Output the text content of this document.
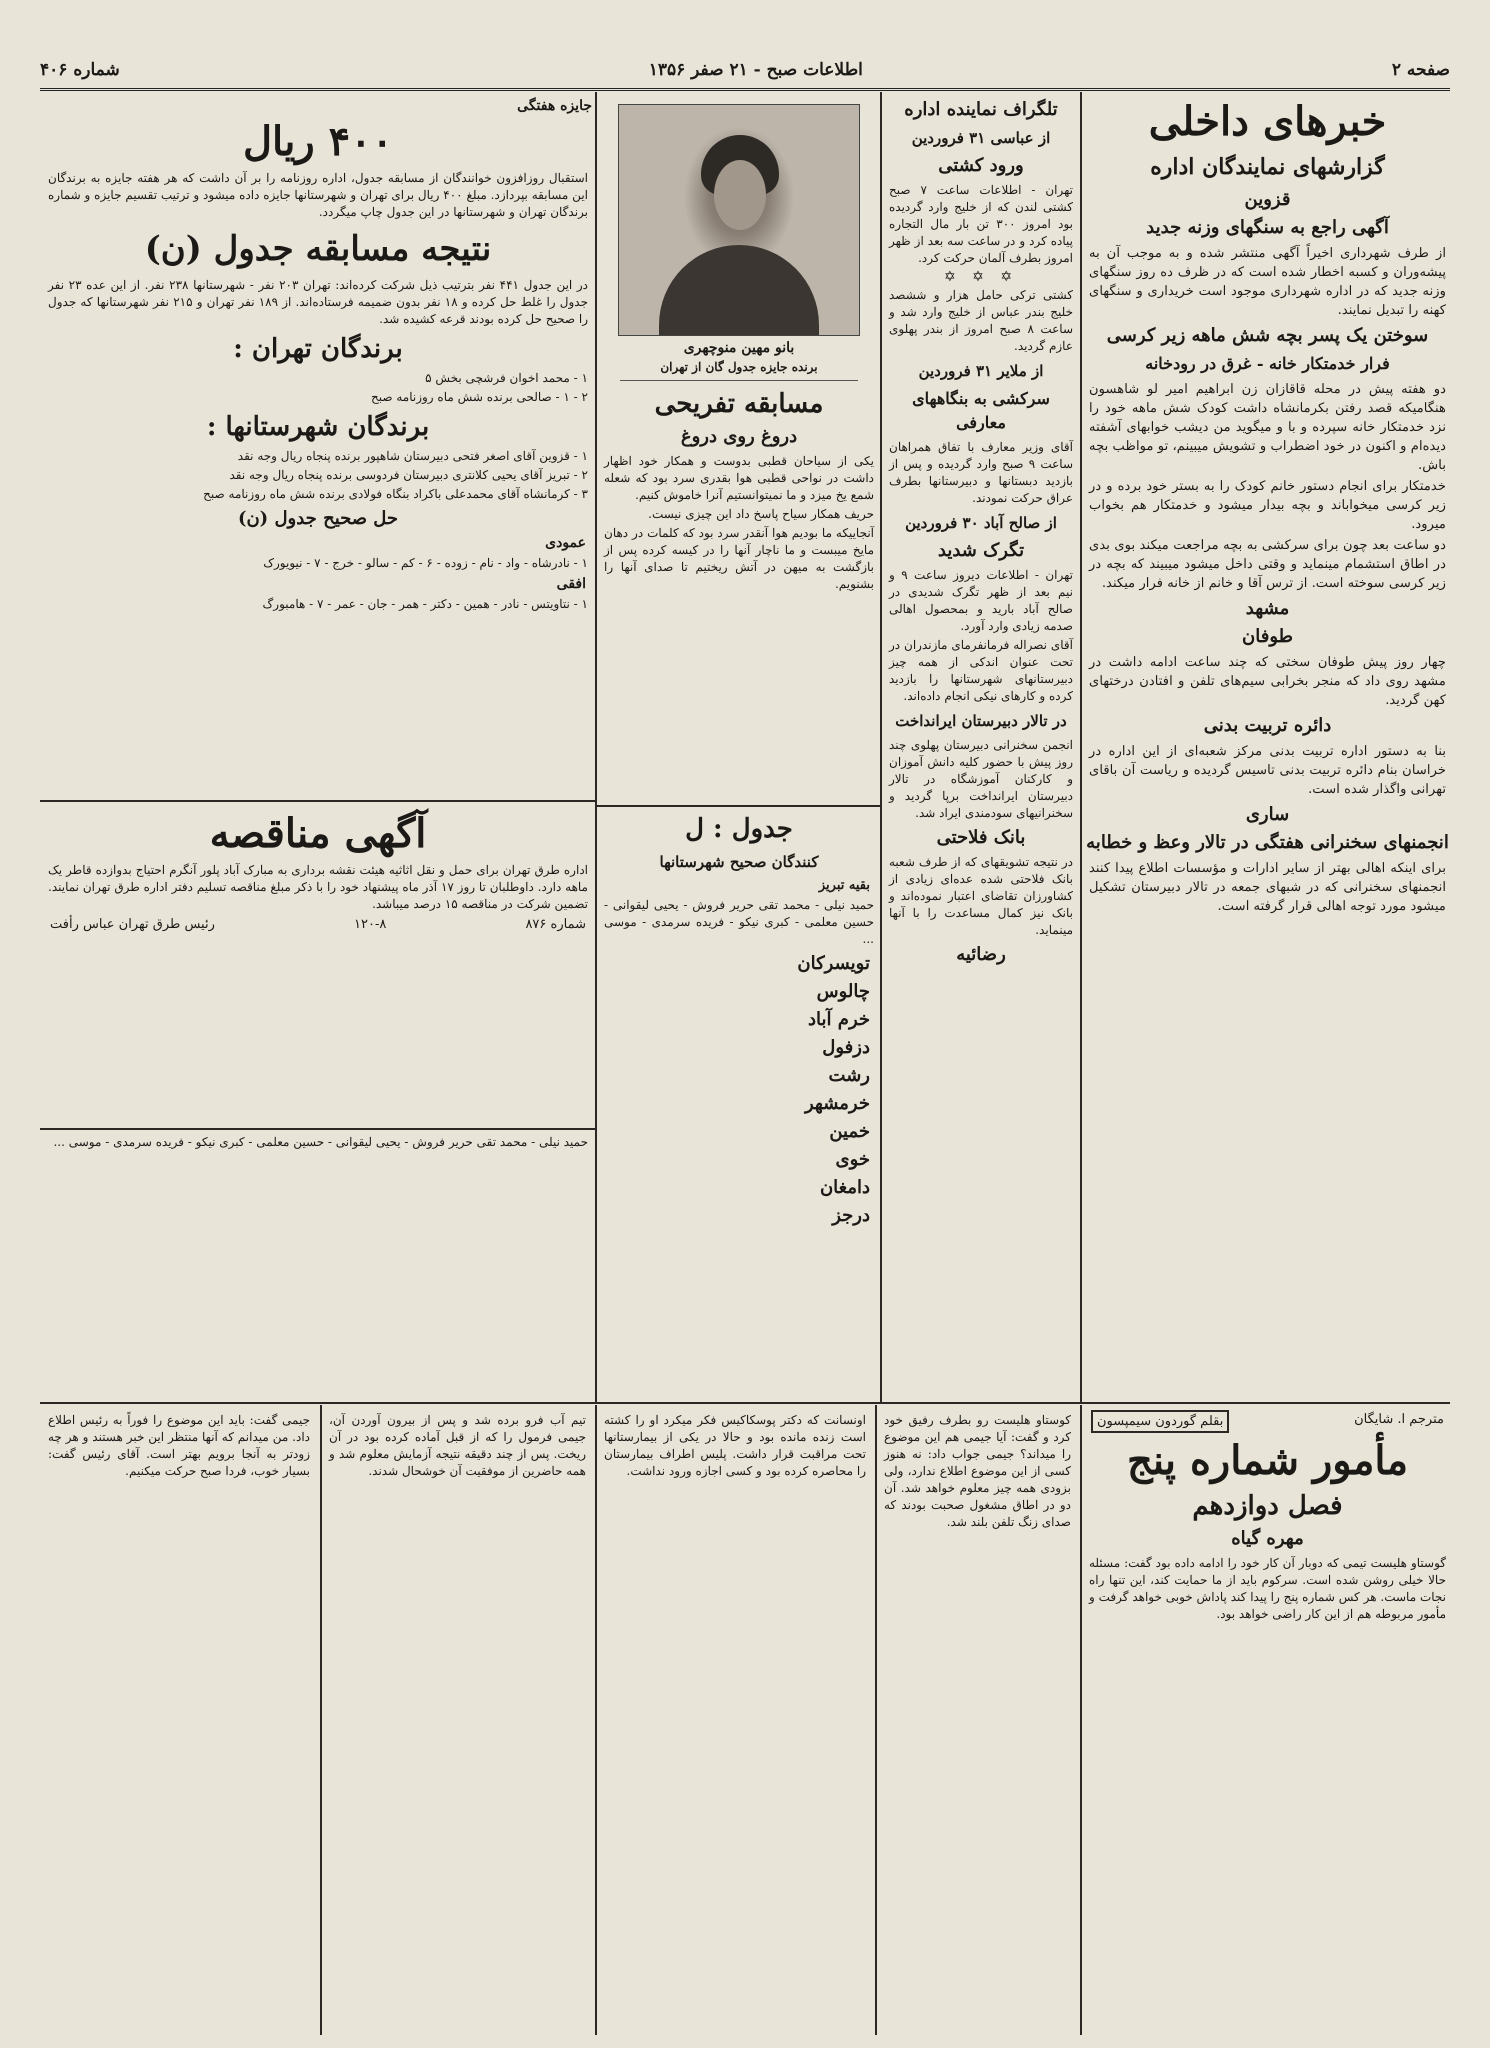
صفحه ۲
اطلاعات صبح - ۲۱ صفر ۱۳۵۶
شماره ۴۰۶
خبرهای داخلی
گزارشهای نمایندگان اداره
قزوین
آگهی راجع به سنگهای وزنه جدید
از طرف شهرداری اخیراً آگهی منتشر شده و به موجب آن به پیشه‌وران و کسبه اخطار شده است که در ظرف ده روز سنگهای وزنه جدید که در اداره شهرداری موجود است خریداری و سنگهای کهنه را تبدیل نمایند.
سوختن یک پسر بچه شش ماهه زیر کرسی
فرار خدمتکار خانه - غرق در رودخانه
دو هفته پیش در محله قاقازان زن ابراهیم امیر لو شاهسون هنگامیکه قصد رفتن بکرمانشاه داشت کودک شش ماهه خود را نزد خدمتکار خانه سپرده و با و میگوید من دیشب خوابهای آشفته دیده‌ام و اکنون در خود اضطراب و تشویش میبینم، تو مواظب بچه باش.
خدمتکار برای انجام دستور خانم کودک را به بستر خود برده و در زیر کرسی میخواباند و بچه بیدار میشود و خدمتکار هم بخواب میرود.
دو ساعت بعد چون برای سرکشی به بچه مراجعت میکند بوی بدی در اطاق استشمام مینماید و وقتی داخل میشود میبیند که بچه در زیر کرسی سوخته است. از ترس آقا و خانم از خانه فرار میکند.
مشهد
طوفان
چهار روز پیش طوفان سختی که چند ساعت ادامه داشت در مشهد روی داد که منجر بخرابی سیم‌های تلفن و افتادن درختهای کهن گردید.
دائره تربیت بدنی
بنا به دستور اداره تربیت بدنی مرکز شعبه‌ای از این اداره در خراسان بنام دائره تربیت بدنی تاسیس گردیده و ریاست آن باقای تهرانی واگذار شده است.
ساری
انجمنهای سخنرانی هفتگی در تالار وعظ و خطابه
برای اینکه اهالی بهتر از سایر ادارات و مؤسسات اطلاع پیدا کنند انجمنهای سخنرانی که در شبهای جمعه در تالار دبیرستان تشکیل میشود مورد توجه اهالی قرار گرفته است.
تلگراف نماینده اداره
از عباسی ۳۱ فروردین
ورود کشتی
تهران - اطلاعات ساعت ۷ صبح کشتی لندن که از خلیج وارد گردیده بود امروز ۳۰۰ تن بار مال التجاره پیاده کرد و در ساعت سه بعد از ظهر امروز بطرف آلمان حرکت کرد.
✡ ✡ ✡
کشتی ترکی حامل هزار و ششصد خلیج بندر عباس از خلیج وارد شد و ساعت ۸ صبح امروز از بندر پهلوی عازم گردید.
از ملایر ۳۱ فروردین
سرکشی به بنگاههای معارفی
آقای وزیر معارف با تفاق همراهان ساعت ۹ صبح وارد گردیده و پس از بازدید دبستانها و دبیرستانها بطرف عراق حرکت نمودند.
از صالح آباد ۳۰ فروردین
تگرک شدید
تهران - اطلاعات دیروز ساعت ۹ و نیم بعد از ظهر تگرک شدیدی در صالح آباد بارید و بمحصول اهالی صدمه زیادی وارد آورد.
آقای نصراله فرمانفرمای مازندران در تحت عنوان اندکی از همه چیز دبیرستانهای شهرستانها را بازدید کرده و کارهای نیکی انجام داده‌اند.
در تالار دبیرستان ایرانداخت
انجمن سخنرانی دبیرستان پهلوی چند روز پیش با حضور کلیه دانش آموزان و کارکنان آموزشگاه در تالار دبیرستان ایرانداخت برپا گردید و سخنرانیهای سودمندی ایراد شد.
بانک فلاحتی
در نتیجه تشویقهای که از طرف شعبه بانک فلاحتی شده عده‌ای زیادی از کشاورزان تقاضای اعتبار نموده‌اند و بانک نیز کمال مساعدت را با آنها مینماید.
رضائیه
بانو مهین منوچهری
برنده جایزه جدول گان از تهران
مسابقه تفریحی
دروغ روی دروغ
یکی از سیاحان قطبی بدوست و همکار خود اظهار داشت در نواحی قطبی هوا بقدری سرد بود که شعله شمع یخ میزد و ما نمیتوانستیم آنرا خاموش کنیم.
حریف همکار سیاح پاسخ داد این چیزی نیست.
آنجاییکه ما بودیم هوا آنقدر سرد بود که کلمات در دهان مایخ میبست و ما ناچار آنها را در کیسه کرده پس از بازگشت به میهن در آتش ریختیم تا صدای آنها را بشنویم.
جدول : ل
کنندگان صحیح شهرستانها
بقیه تبریز
حمید نیلی - محمد تقی حریر فروش - یحیی لیقوانی - حسین معلمی - کبری نیکو - فریده سرمدی - موسی ...
تویسرکان
چالوس
خرم آباد
دزفول
رشت
خرمشهر
خمین
خوی
دامغان
درجز
جایزه هفتگی
۴۰۰ ریال
استقبال روزافزون خوانندگان از مسابقه جدول، اداره روزنامه را بر آن داشت که هر هفته جایزه به برندگان این مسابقه بپردازد. مبلغ ۴۰۰ ریال برای تهران و شهرستانها جایزه داده میشود و ترتیب تقسیم جایزه و شماره برندگان تهران و شهرستانها در این جدول چاپ میگردد.
نتیجه مسابقه جدول (ن)
در این جدول ۴۴۱ نفر بترتیب ذیل شرکت کرده‌اند: تهران ۲۰۳ نفر - شهرستانها ۲۳۸ نفر. از این عده ۲۳ نفر جدول را غلط حل کرده و ۱۸ نفر بدون ضمیمه فرستاده‌اند. از ۱۸۹ نفر تهران و ۲۱۵ نفر شهرستانها که جدول را صحیح حل کرده بودند قرعه کشیده شد.
برندگان تهران :
۱ - محمد اخوان فرشچی بخش ۵
۲ - ۱ - صالحی برنده شش ماه روزنامه صبح
برندگان شهرستانها :
۱ - قزوین آقای اصغر فتحی دبیرستان شاهپور برنده پنجاه ریال وجه نقد
۲ - تبریز آقای یحیی کلانتری دبیرستان فردوسی برنده پنجاه ریال وجه نقد
۳ - کرمانشاه آقای محمدعلی باکراد بنگاه فولادی برنده شش ماه روزنامه صبح
حل صحیح جدول (ن)
عمودی
۱ - نادرشاه - واد - نام - زوده - ۶ - کم - سالو - خرج - ۷ - نیویورک
افقی
۱ - نتاویتس - نادر - همین - دکتر - همر - جان - عمر - ۷ - هامبورگ
آگهی مناقصه
اداره طرق تهران برای حمل و نقل اثاثیه هیئت نقشه برداری به مبارک آباد پلور آنگرم احتیاج بدوازده قاطر یک ماهه دارد. داوطلبان تا روز ۱۷ آذر ماه پیشنهاد خود را با ذکر مبلغ مناقصه تسلیم دفتر اداره طرق تهران نمایند. تضمین شرکت در مناقصه ۱۵ درصد میباشد.
شماره ۸۷۶
۱۲۰-۸
رئیس طرق تهران عباس رأفت
حمید نیلی - محمد تقی حریر فروش - یحیی لیقوانی - حسین معلمی - کبری نیکو - فریده سرمدی - موسی ...
مترجم ا. شایگان
بقلم گوردون سیمپسون
مأمور شماره پنج
فصل دوازدهم
مهره گیاه
گوستاو هلیست تیمی که دوبار آن کار خود را ادامه داده بود گفت: مسئله حالا خیلی روشن شده است. سرکوم باید از ما حمایت کند، این تنها راه نجات ماست. هر کس شماره پنج را پیدا کند پاداش خوبی خواهد گرفت و مأمور مربوطه هم از این کار راضی خواهد بود.
کوستاو هلیست رو بطرف رفیق خود کرد و گفت: آیا جیمی هم این موضوع را میداند؟ جیمی جواب داد: نه هنوز کسی از این موضوع اطلاع ندارد، ولی بزودی همه چیز معلوم خواهد شد. آن دو در اطاق مشغول صحبت بودند که صدای زنگ تلفن بلند شد.
اونسانت که دکتر پوسکاکیس فکر میکرد او را کشته است زنده مانده بود و حالا در یکی از بیمارستانها تحت مراقبت قرار داشت. پلیس اطراف بیمارستان را محاصره کرده بود و کسی اجازه ورود نداشت.
تیم آب فرو برده شد و پس از بیرون آوردن آن، جیمی فرمول را که از قبل آماده کرده بود در آن ریخت. پس از چند دقیقه نتیجه آزمایش معلوم شد و همه حاضرین از موفقیت آن خوشحال شدند.
جیمی گفت: باید این موضوع را فوراً به رئیس اطلاع داد. من میدانم که آنها منتظر این خبر هستند و هر چه زودتر به آنجا برویم بهتر است. آقای رئیس گفت: بسیار خوب، فردا صبح حرکت میکنیم.
